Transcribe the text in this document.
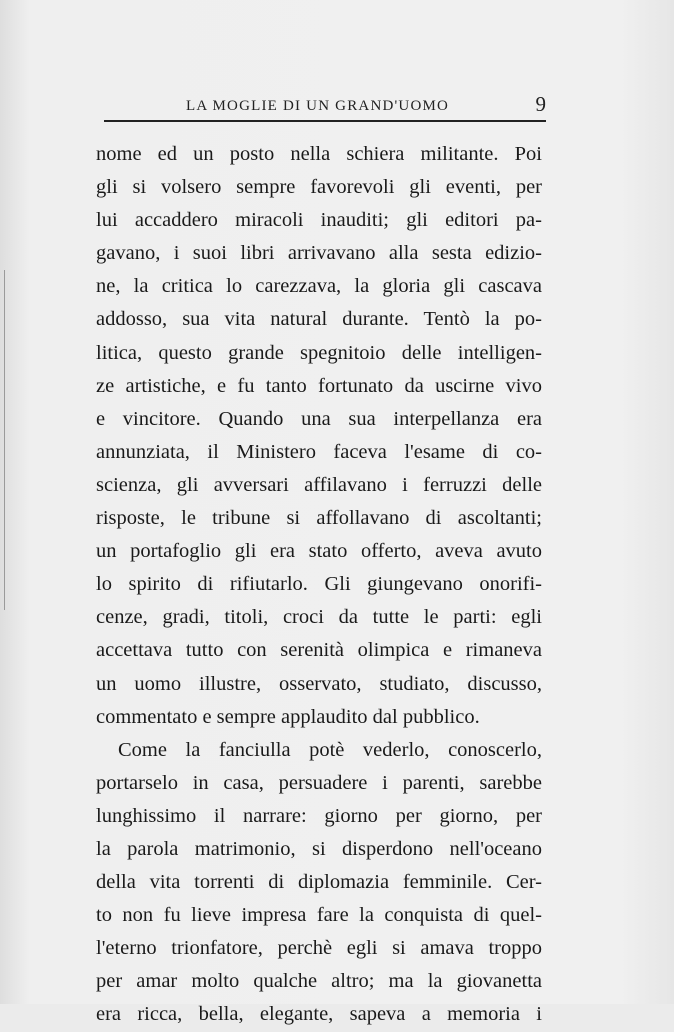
LA MOGLIE DI UN GRAND'UOMO	9
nome ed un posto nella schiera militante. Poi
gli si volsero sempre favorevoli gli eventi, per
lui accaddero miracoli inauditi; gli editori pa-
gavano, i suoi libri arrivavano alla sesta edizio-
ne, la critica lo carezzava, la gloria gli cascava
addosso, sua vita natural durante. Tentò la po-
litica, questo grande spegnitoio delle intelligen-
ze artistiche, e fu tanto fortunato da uscirne vivo
e vincitore. Quando una sua interpellanza era
annunziata, il Ministero faceva l'esame di co-
scienza, gli avversari affilavano i ferruzzi delle
risposte, le tribune si affollavano di ascoltanti;
un portafoglio gli era stato offerto, aveva avuto
lo spirito di rifiutarlo. Gli giungevano onorifi-
cenze, gradi, titoli, croci da tutte le parti: egli
accettava tutto con serenità olimpica e rimaneva
un uomo illustre, osservato, studiato, discusso,
commentato e sempre applaudito dal pubblico.
Come la fanciulla potè vederlo, conoscerlo,
portarselo in casa, persuadere i parenti, sarebbe
lunghissimo il narrare: giorno per giorno, per
la parola matrimonio, si disperdono nell'oceano
della vita torrenti di diplomazia femminile. Cer-
to non fu lieve impresa fare la conquista di quel-
l'eterno trionfatore, perchè egli si amava troppo
per amar molto qualche altro; ma la giovanetta
era ricca, bella, elegante, sapeva a memoria i
